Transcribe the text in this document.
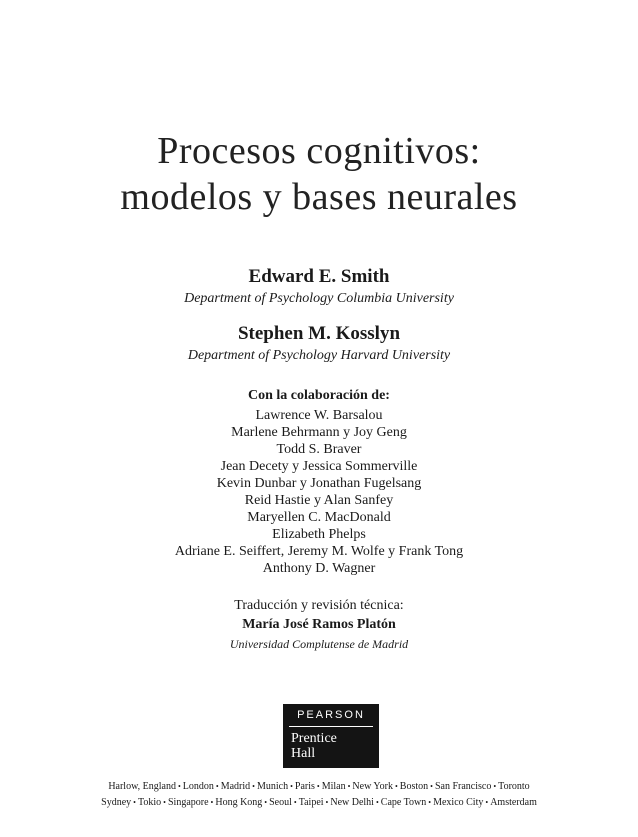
Procesos cognitivos:
modelos y bases neurales
Edward E. Smith
Department of Psychology Columbia University
Stephen M. Kosslyn
Department of Psychology Harvard University
Con la colaboración de:
Lawrence W. Barsalou
Marlene Behrmann y Joy Geng
Todd S. Braver
Jean Decety y Jessica Sommerville
Kevin Dunbar y Jonathan Fugelsang
Reid Hastie y Alan Sanfey
Maryellen C. MacDonald
Elizabeth Phelps
Adriane E. Seiffert, Jeremy M. Wolfe y Frank Tong
Anthony D. Wagner
Traducción y revisión técnica:
María José Ramos Platón
Universidad Complutense de Madrid
PEARSON
Prentice
Hall
Harlow, England • London • Madrid • Munich • Paris • Milan • New York • Boston • San Francisco • Toronto
Sydney • Tokio • Singapore • Hong Kong • Seoul • Taipei • New Delhi • Cape Town • Mexico City • Amsterdam
